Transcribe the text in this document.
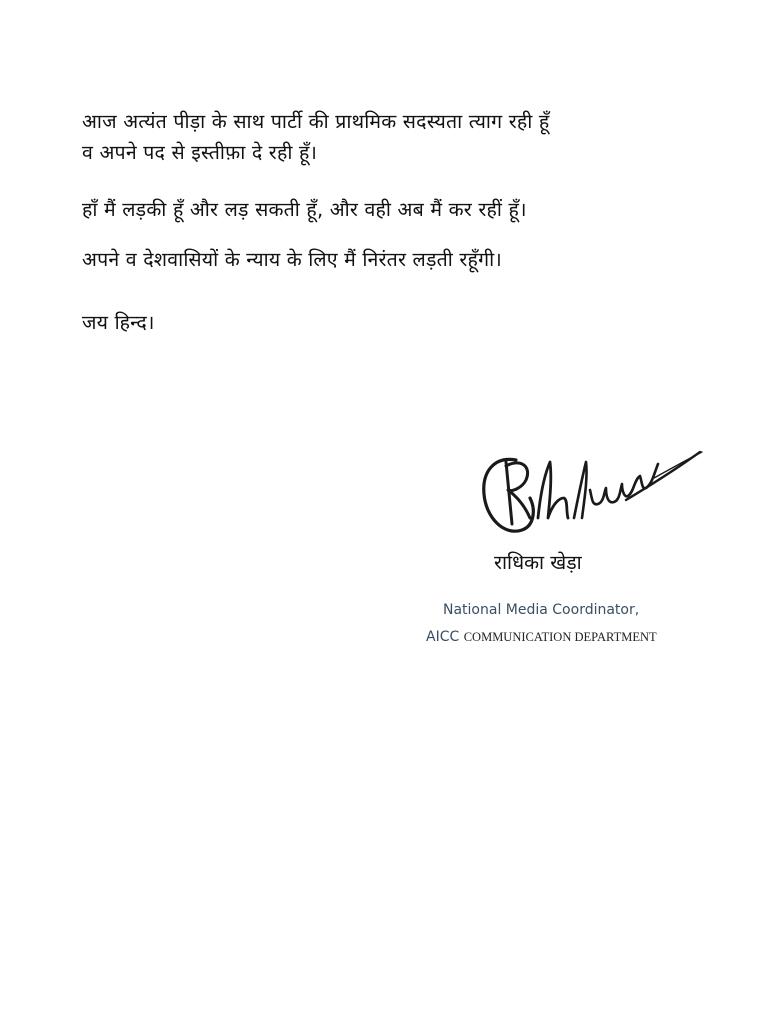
आज अत्यंत पीड़ा के साथ पार्टी की प्राथमिक सदस्यता त्याग रही हूँ

व अपने पद से इस्तीफ़ा दे रही हूँ।

हाँ मैं लड़की हूँ और लड़ सकती हूँ, और वही अब मैं कर रहीं हूँ।

अपने व देशवासियों के न्याय के लिए मैं निरंतर लड़ती रहूँगी।

जय हिन्द।

राधिका खेड़ा
National Media Coordinator,
AICC COMMUNICATION DEPARTMENT
